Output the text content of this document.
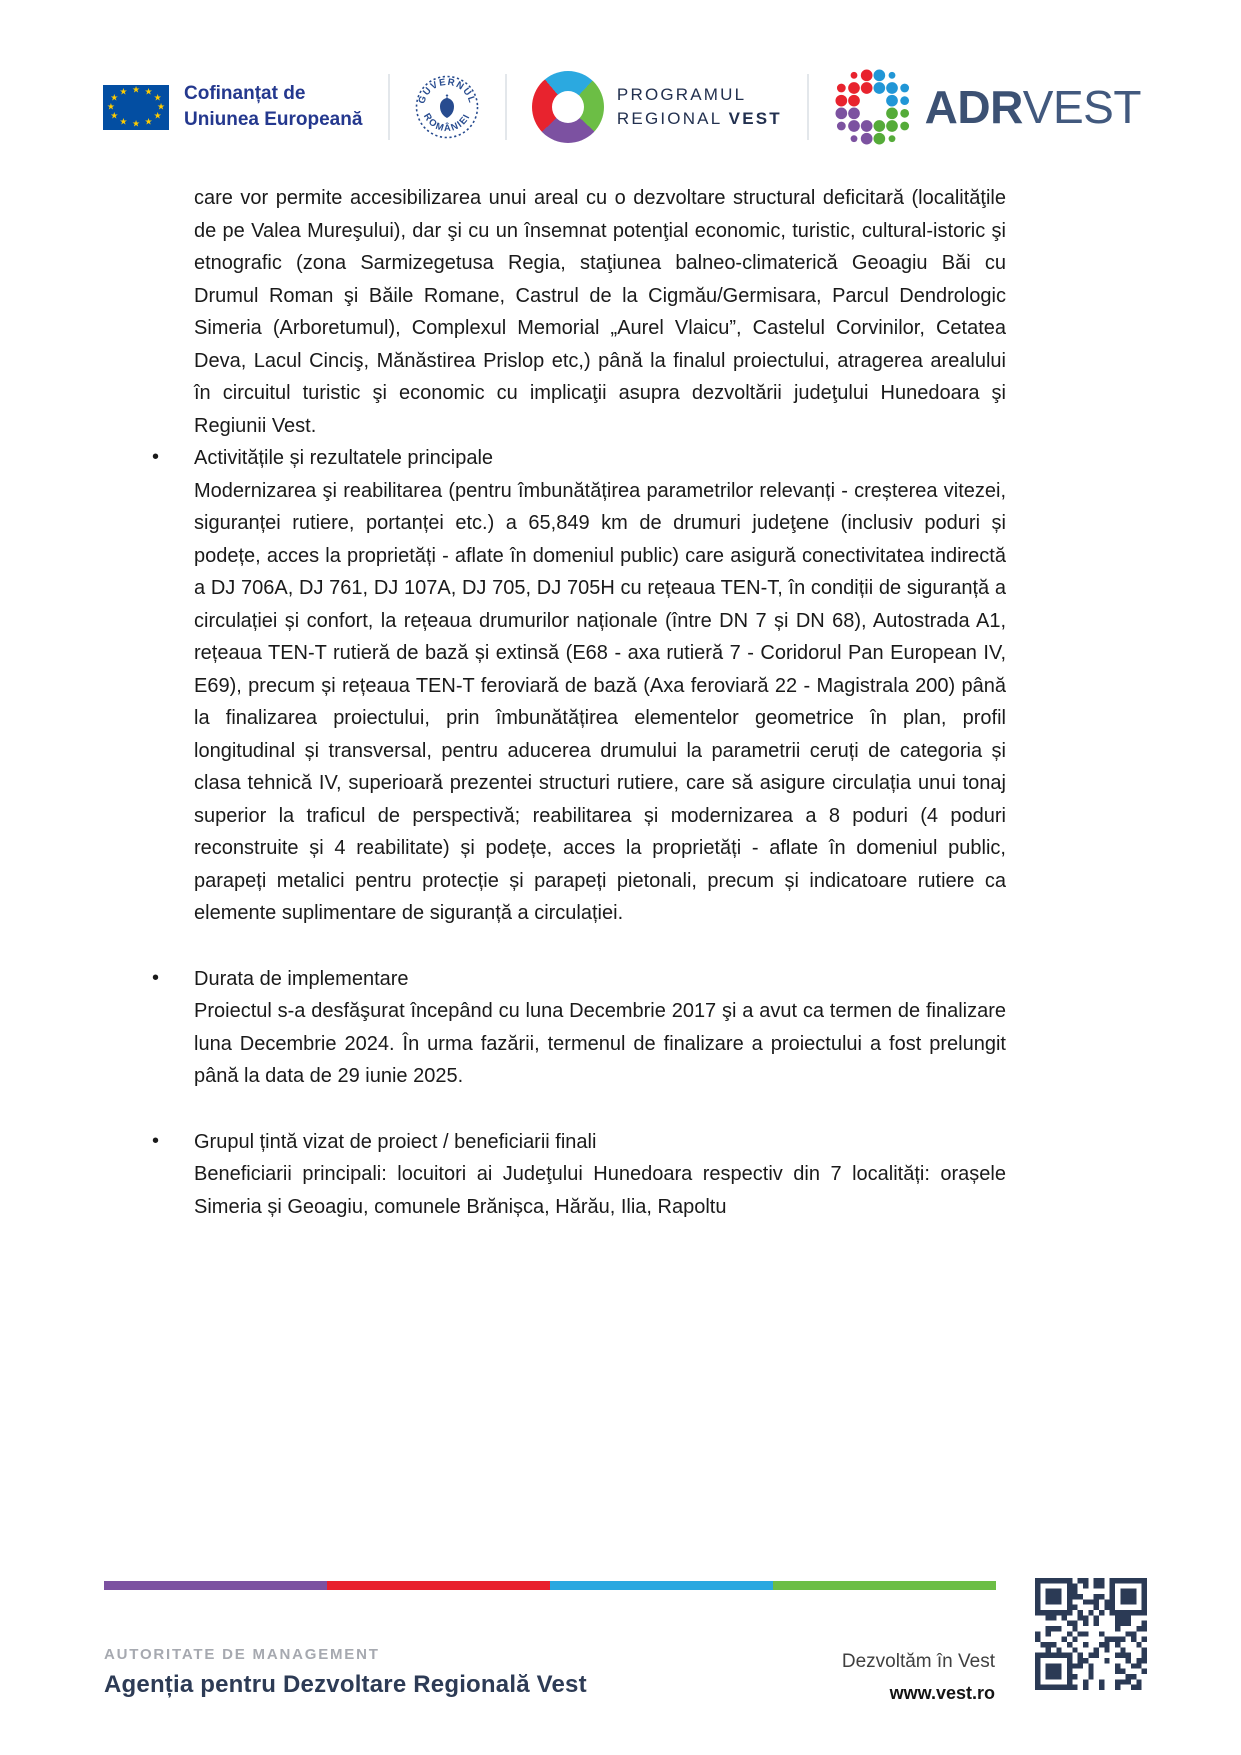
★ ★
★
★
★
★
★
★
★
★
★
★	Cofinanțat de
Uniunea Europeană
GUVERNUL
ROMÂNIEI
PROGRAMUL
REGIONAL VEST	ADRVEST

care vor permite accesibilizarea unui areal cu o dezvoltare structural deficitară (localităţile de pe Valea Mureşului), dar şi cu un însemnat potenţial economic, turistic, cultural-istoric şi etnografic (zona Sarmizegetusa Regia, staţiunea balneo-climaterică Geoagiu Băi cu Drumul Roman şi Băile Romane, Castrul de la Cigmău/Germisara, Parcul Dendrologic Simeria (Arboretumul), Complexul Memorial „Aurel Vlaicu”, Castelul Corvinilor, Cetatea Deva, Lacul Cinciş, Mănăstirea Prislop etc,) până la finalul proiectului, atragerea arealului în circuitul turistic şi economic cu implicaţii asupra dezvoltării judeţului Hunedoara şi Regiunii Vest.

• Activitățile și rezultatele principale

Modernizarea şi reabilitarea (pentru îmbunătățirea parametrilor relevanți - creșterea vitezei, siguranței rutiere, portanței etc.) a 65,849 km de drumuri judeţene (inclusiv poduri și podețe, acces la proprietăți - aflate în domeniul public) care asigură conectivitatea indirectă a DJ 706A, DJ 761, DJ 107A, DJ 705, DJ 705H cu rețeaua TEN-T, în condiții de siguranță a circulației și confort, la rețeaua drumurilor naționale (între DN 7 și DN 68), Autostrada A1, rețeaua TEN-T rutieră de bază și extinsă (E68 - axa rutieră 7 - Coridorul Pan European IV, E69), precum și rețeaua TEN-T feroviară de bază (Axa feroviară 22 - Magistrala 200) până la finalizarea proiectului, prin îmbunătățirea elementelor geometrice în plan, profil longitudinal și transversal, pentru aducerea drumului la parametrii ceruți de categoria și clasa tehnică IV, superioară prezentei structuri rutiere, care să asigure circulația unui tonaj superior la traficul de perspectivă; reabilitarea și modernizarea a 8 poduri (4 poduri reconstruite și 4 reabilitate) și podețe, acces la proprietăți - aflate în domeniul public, parapeți metalici pentru protecție și parapeți pietonali, precum și indicatoare rutiere ca elemente suplimentare de siguranță a circulației.

• Durata de implementare

Proiectul s-a desfăşurat începând cu luna Decembrie 2017 şi a avut ca termen de finalizare luna Decembrie 2024. În urma fazării, termenul de finalizare a proiectului a fost prelungit până la data de 29 iunie 2025.

• Grupul țintă vizat de proiect / beneficiarii finali

Beneficiarii principali: locuitori ai Judeţului Hunedoara respectiv din 7 localități: orașele Simeria și Geoagiu, comunele Brănișca, Hărău, Ilia, Rapoltu

AUTORITATE DE MANAGEMENT
Agenția pentru Dezvoltare Regională Vest
Dezvoltăm în Vest
www.vest.ro
